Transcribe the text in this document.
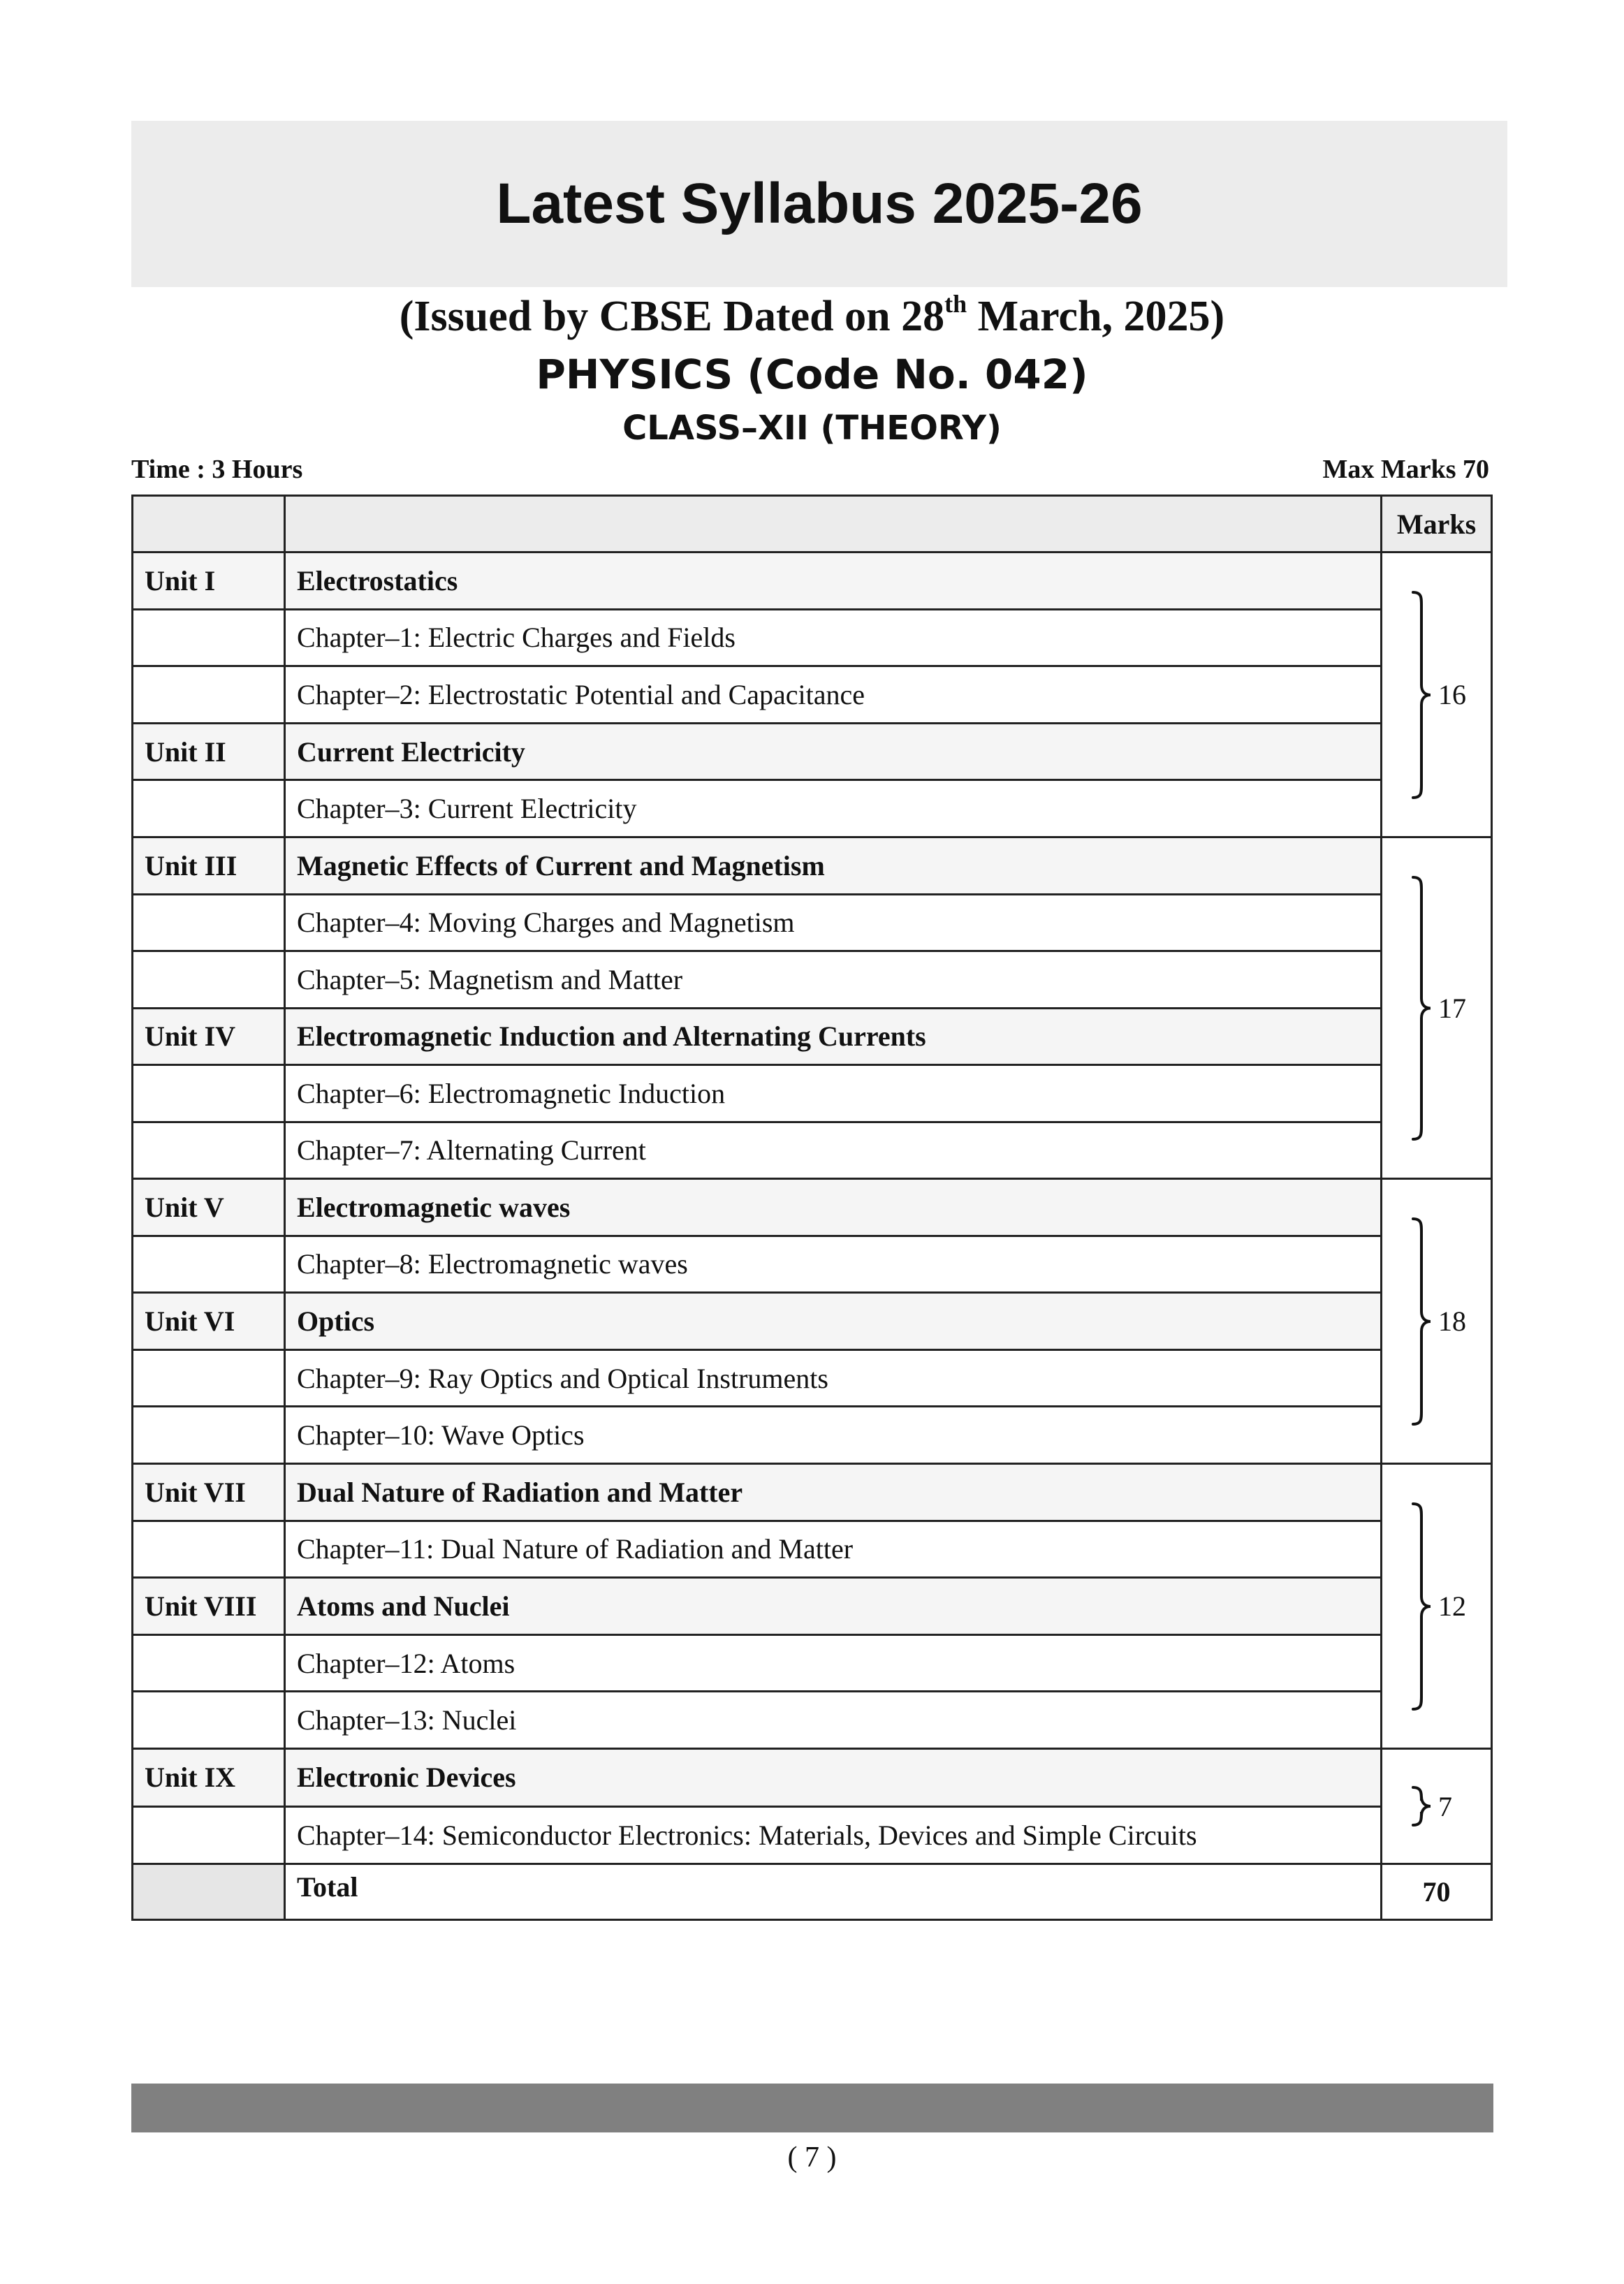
Latest Syllabus 2025-26
(Issued by CBSE Dated on 28th March, 2025)
PHYSICS (Code No. 042)
CLASS–XII (THEORY)
Time : 3 Hours	Max Marks 70
		Marks
Unit I	Electrostatics	16

	Chapter–1: Electric Charges and Fields	
	Chapter–2: Electrostatic Potential and Capacitance	
Unit II	Current Electricity	
	Chapter–3: Current Electricity	
Unit III	Magnetic Effects of Current and Magnetism	17

	Chapter–4: Moving Charges and Magnetism	
	Chapter–5: Magnetism and Matter	
Unit IV	Electromagnetic Induction and Alternating Currents	
	Chapter–6: Electromagnetic Induction	
	Chapter–7: Alternating Current	
Unit V	Electromagnetic waves	18

	Chapter–8: Electromagnetic waves	
Unit VI	Optics	
	Chapter–9: Ray Optics and Optical Instruments	
	Chapter–10: Wave Optics	
Unit VII	Dual Nature of Radiation and Matter	12

	Chapter–11: Dual Nature of Radiation and Matter	
Unit VIII	Atoms and Nuclei	
	Chapter–12: Atoms	
	Chapter–13: Nuclei	
Unit IX	Electronic Devices	7

	Chapter–14: Semiconductor Electronics: Materials, Devices and Simple Circuits	
	Total	70
( 7 )
